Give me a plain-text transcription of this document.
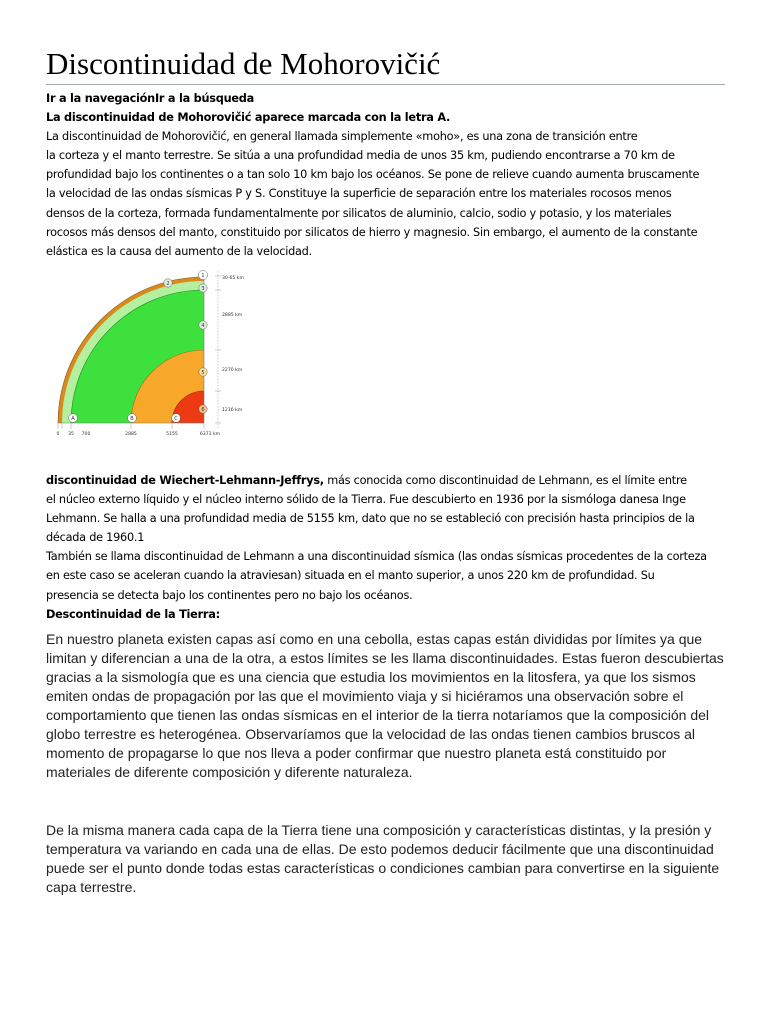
Discontinuidad de Mohorovičić

Ir a la navegaciónIr a la búsqueda

La discontinuidad de Mohorovičić aparece marcada con la letra A.

La discontinuidad de Mohorovičić, en general llamada simplemente «moho», es una zona de transición entre
la corteza y el manto terrestre. Se sitúa a una profundidad media de unos 35 km, pudiendo encontrarse a 70 km de
profundidad bajo los continentes o a tan solo 10 km bajo los océanos. Se pone de relieve cuando aumenta bruscamente
la velocidad de las ondas sísmicas P y S. Constituye la superficie de separación entre los materiales rocosos menos
densos de la corteza, formada fundamentalmente por silicatos de aluminio, calcio, sodio y potasio, y los materiales
rocosos más densos del manto, constituido por silicatos de hierro y magnesio. Sin embargo, el aumento de la constante
elástica es la causa del aumento de la velocidad.

30-65 km
2885 km
2270 km
1216 km
1
2
3
4
5
6
A	B	C
0 35 700	2885	5155	6371 km

discontinuidad de Wiechert-Lehmann-Jeffrys, más conocida como discontinuidad de Lehmann, es el límite entre
el núcleo externo líquido y el núcleo interno sólido de la Tierra. Fue descubierto en 1936 por la sismóloga danesa Inge
Lehmann. Se halla a una profundidad media de 5155 km, dato que no se estableció con precisión hasta principios de la
década de 1960.1

También se llama discontinuidad de Lehmann a una discontinuidad sísmica (las ondas sísmicas procedentes de la corteza
en este caso se aceleran cuando la atraviesan) situada en el manto superior, a unos 220 km de profundidad. Su
presencia se detecta bajo los continentes pero no bajo los océanos.

Descontinuidad de la Tierra:

En nuestro planeta existen capas así como en una cebolla, estas capas están divididas por límites ya que
limitan y diferencian a una de la otra, a estos límites se les llama discontinuidades. Estas fueron descubiertas
gracias a la sismología que es una ciencia que estudia los movimientos en la litosfera, ya que los sismos
emiten ondas de propagación por las que el movimiento viaja y si hiciéramos una observación sobre el
comportamiento que tienen las ondas sísmicas en el interior de la tierra notaríamos que la composición del
globo terrestre es heterogénea. Observaríamos que la velocidad de las ondas tienen cambios bruscos al
momento de propagarse lo que nos lleva a poder confirmar que nuestro planeta está constituido por
materiales de diferente composición y diferente naturaleza.

De la misma manera cada capa de la Tierra tiene una composición y características distintas, y la presión y
temperatura va variando en cada una de ellas. De esto podemos deducir fácilmente que una discontinuidad
puede ser el punto donde todas estas características o condiciones cambian para convertirse en la siguiente
capa terrestre.
